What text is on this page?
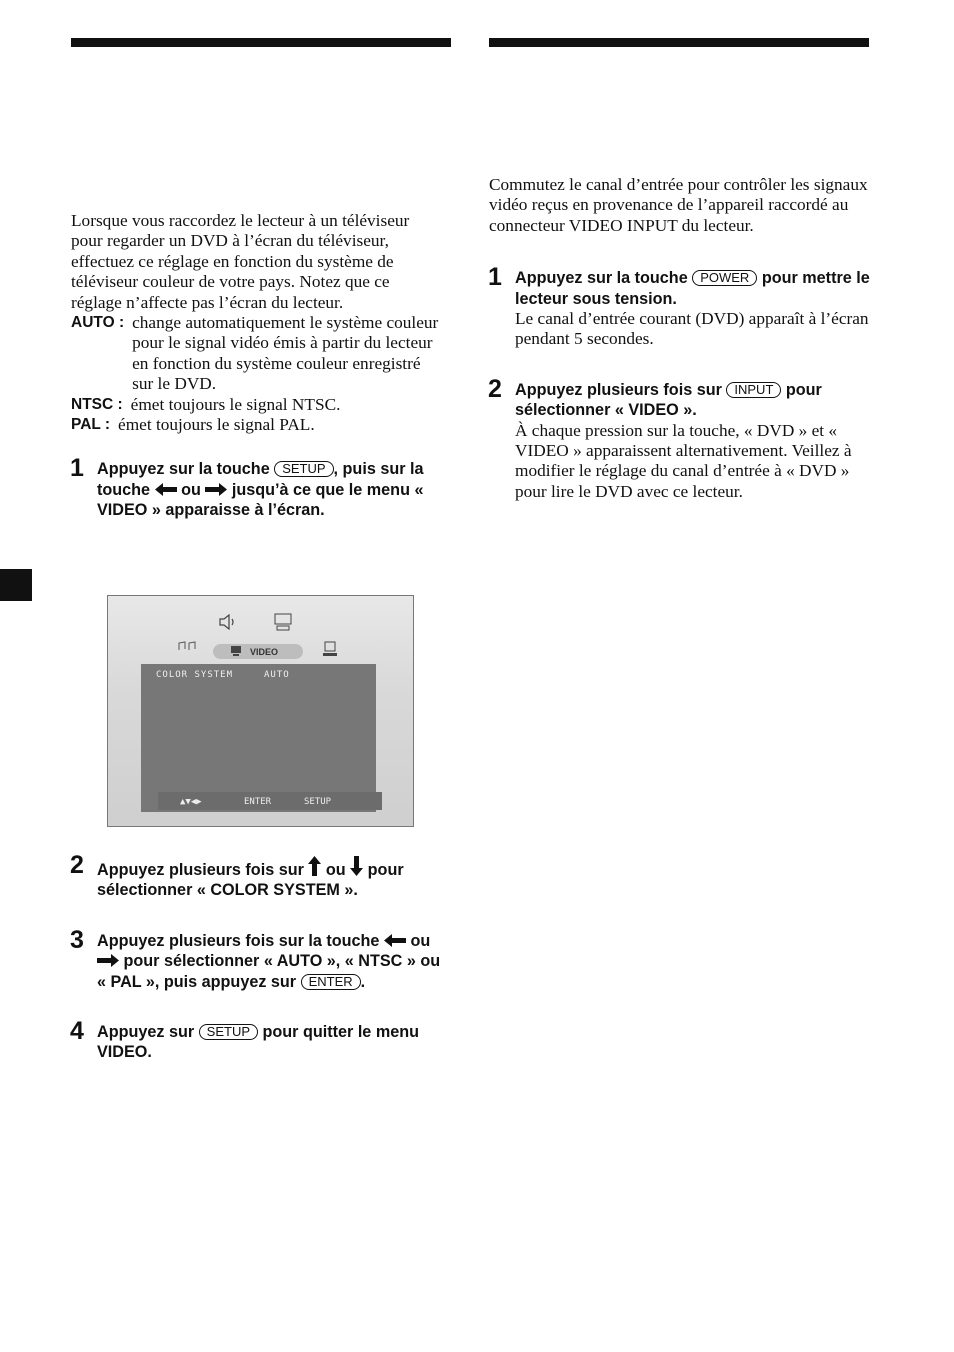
Lorsque vous raccordez le lecteur à un téléviseur pour regarder un DVD à l’écran du téléviseur, effectuez ce réglage en fonction du système de téléviseur couleur de votre pays. Notez que ce réglage n’affecte pas l’écran du lecteur.

AUTO : change automatiquement le système couleur pour le signal vidéo émis à partir du lecteur en fonction du système couleur enregistré sur le DVD.
NTSC : émet toujours le signal NTSC.
PAL : émet toujours le signal PAL.
1 Appuyez sur la touche SETUP , puis sur la touche ou jusqu’à ce que le menu « VIDEO » apparaisse à l’écran.
VIDEO
COLOR SYSTEM	AUTO
▲▼◀▶	ENTER	SETUP
2 Appuyez plusieurs fois sur ou pour sélectionner « COLOR SYSTEM ».
3 Appuyez plusieurs fois sur la touche ou  pour sélectionner « AUTO », « NTSC » ou « PAL », puis appuyez sur ENTER .
4 Appuyez sur SETUP pour quitter le menu VIDEO.

Commutez le canal d’entrée pour contrôler les signaux vidéo reçus en provenance de l’appareil raccordé au connecteur VIDEO INPUT du lecteur.

1 Appuyez sur la touche POWER pour mettre le lecteur sous tension.

Le canal d’entrée courant (DVD) apparaît à l’écran pendant 5 secondes.

2 Appuyez plusieurs fois sur INPUT pour sélectionner « VIDEO ».

À chaque pression sur la touche, « DVD » et « VIDEO » apparaissent alternativement. Veillez à modifier le réglage du canal d’entrée à « DVD » pour lire le DVD avec ce lecteur.
